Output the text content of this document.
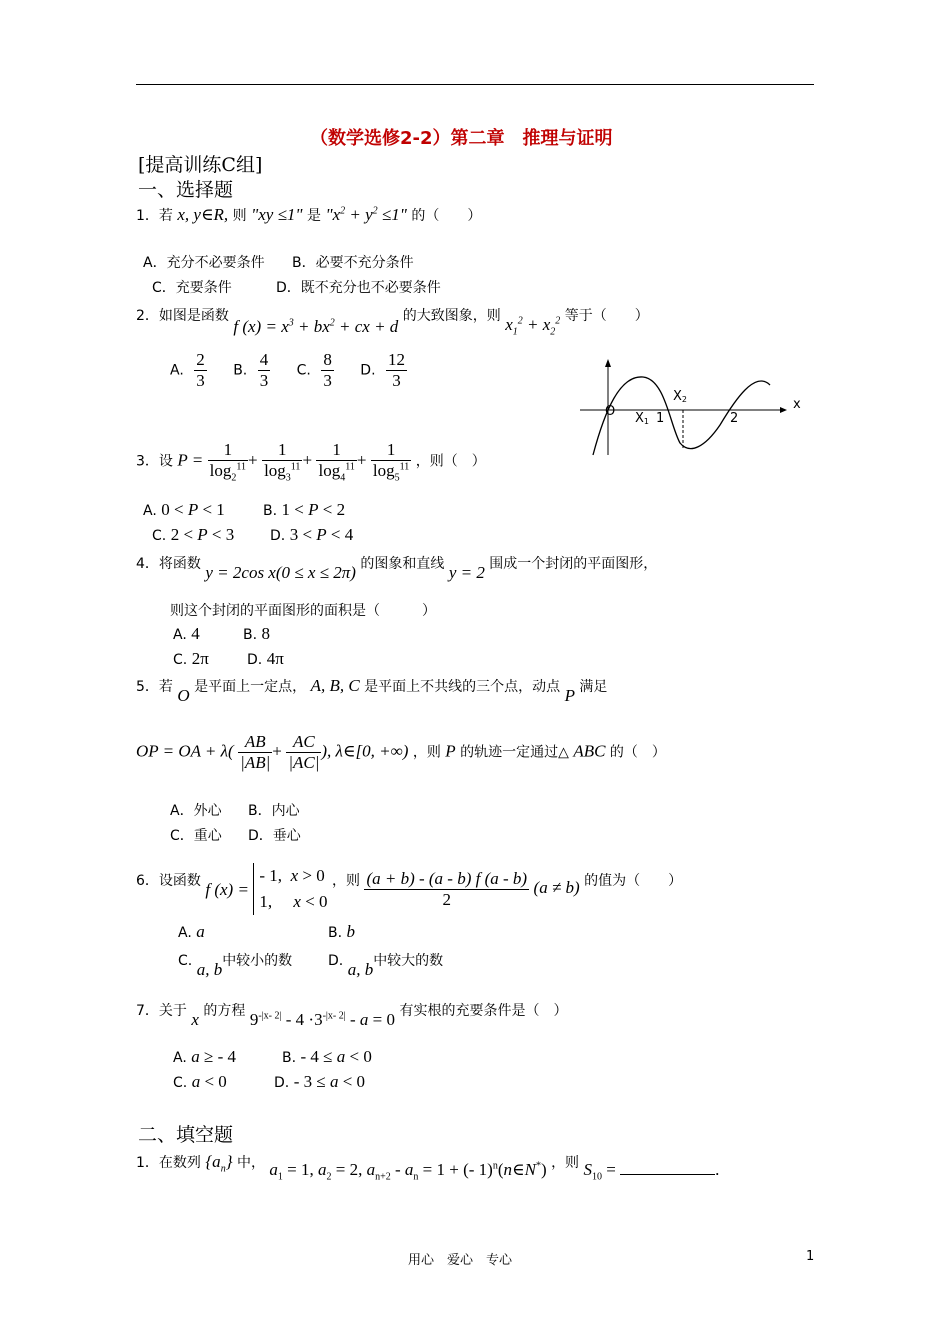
（数学选修2-2）第二章　推理与证明
[提高训练C组]
一、选择题
1．若 x, y∈R, 则 "xy ≤1" 是 "$x^2 + y^2 \le 1$" 的（　　）
A．充分不必要条件 B．必要不充分条件
C．充要条件	D．既不充分也不必要条件
2．如图是函数 f $(x) = x^3 + bx^2$ + cx + d 的大致图象，则 $x_1^2 + x_2^2$ 等于（　　）
A. $\frac{2}{3} B$. $\frac{4}{3} C$. $\frac{8}{3} D$. $\frac{12}{3}$
O X1 1
X2
2
x
3．设 $P = \frac{1}{\log_2^{11}} + \frac{1}{\log_3^{11}} + \frac{1}{\log_4^{11}} + \frac{1}{\log_5^{11}}$ ，则（　）
A. 0 < P < 1	B. 1 < P < 2
C. 2 < P < 3	D. 3 < P < 4
4．将函数 y = 2cos x(0 ≤ x ≤ 2π) 的图象和直线 y = 2 围成一个封闭的平面图形，
则这个封闭的平面图形的面积是（　　　）
A. 4	B. 8
C. 2π	D. 4π
5．若 O 是平面上一定点， A, B, C 是平面上不共线的三个点，动点 P 满足
OP = OA + $\lambda( \frac{AB}{|AB|} + \frac{AC}{|AC|}$ ), λ∈[0, +∞) ，则 P 的轨迹一定通过△ ABC 的（　）
A．外心 B．内心
C．重心 D．垂心
6．设函数 f (x) = - 1,  x > 0
1,     x < 0 ，则 $\frac{(a + b) - (a - b) f (a - b)}{2} (a \ne b)$ 的值为（　　）
A. a	B. b
C. a, b中较小的数	D. a, b中较大的数
7．关于 x 的方程 $9^{-|x- 2|} - 4 \cdot 3^{-|x- 2|} - a = 0$ 有实根的充要条件是（　）
A. a ≥ - 4	B. - 4 ≤ a < 0
C. a < 0	D. - 3 ≤ a < 0
二、填空题
1．在数列 $\{a_n\}$ 中， $a_1 = 1$, $a_2 = 2$, $a_{n+2} - a_n = 1$ + (- 1)$^n$(n∈N*) ，则 $S_{10}$ =	.
用心　爱心　专心	1
